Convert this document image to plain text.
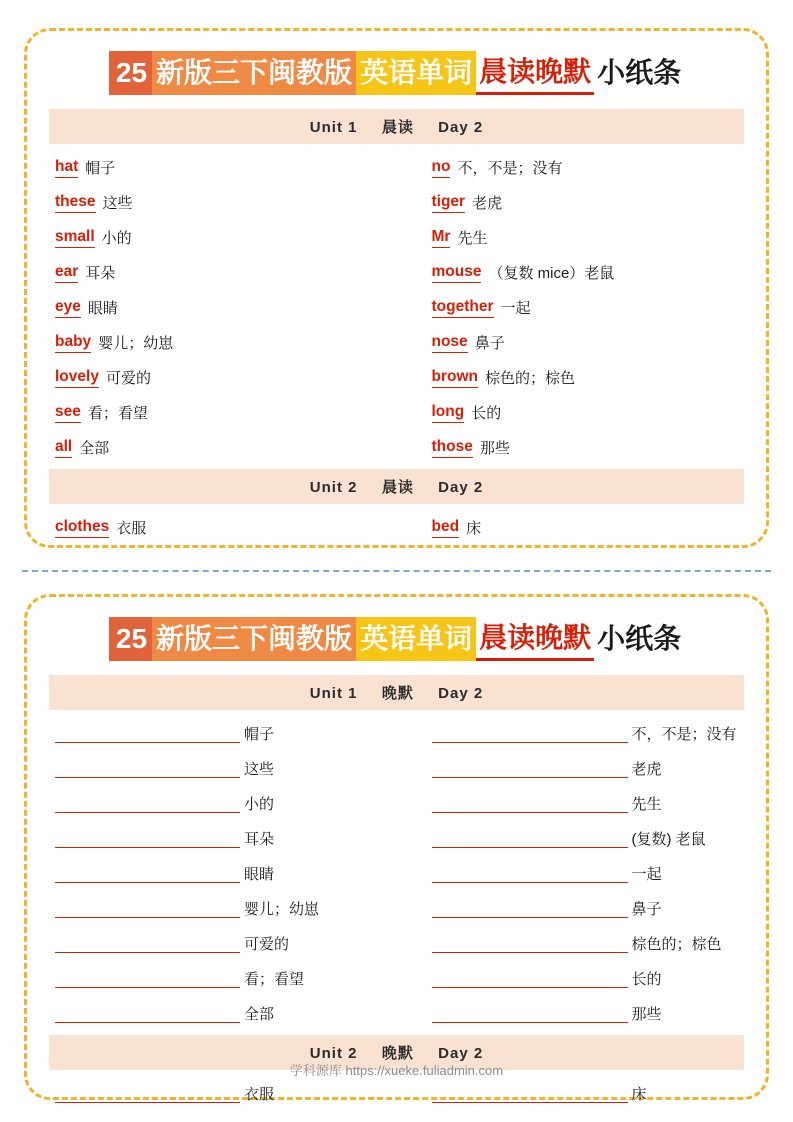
25 新版三下闽教版 英语单词 晨读晚默 小纸条
Unit 1 晨读 Day 2
hat 帽子	no 不，不是；没有
these 这些	tiger 老虎
small 小的	Mr 先生
ear 耳朵	mouse （复数 mice）老鼠
eye 眼睛	together 一起
baby 婴儿；幼崽	nose 鼻子
lovely 可爱的	brown 棕色的；棕色
see 看；看望	long 长的
all 全部	those 那些
Unit 2 晨读 Day 2
clothes 衣服	bed 床
25 新版三下闽教版 英语单词 晨读晚默 小纸条
Unit 1 晚默 Day 2
帽子	不，不是；没有
这些	老虎
小的	先生
耳朵	(复数) 老鼠
眼睛	一起
婴儿；幼崽	鼻子
可爱的	棕色的；棕色
看；看望	长的
全部	那些
Unit 2 晚默 Day 2
衣服	床
学科源库 https://xueke.fuliadmin.com
